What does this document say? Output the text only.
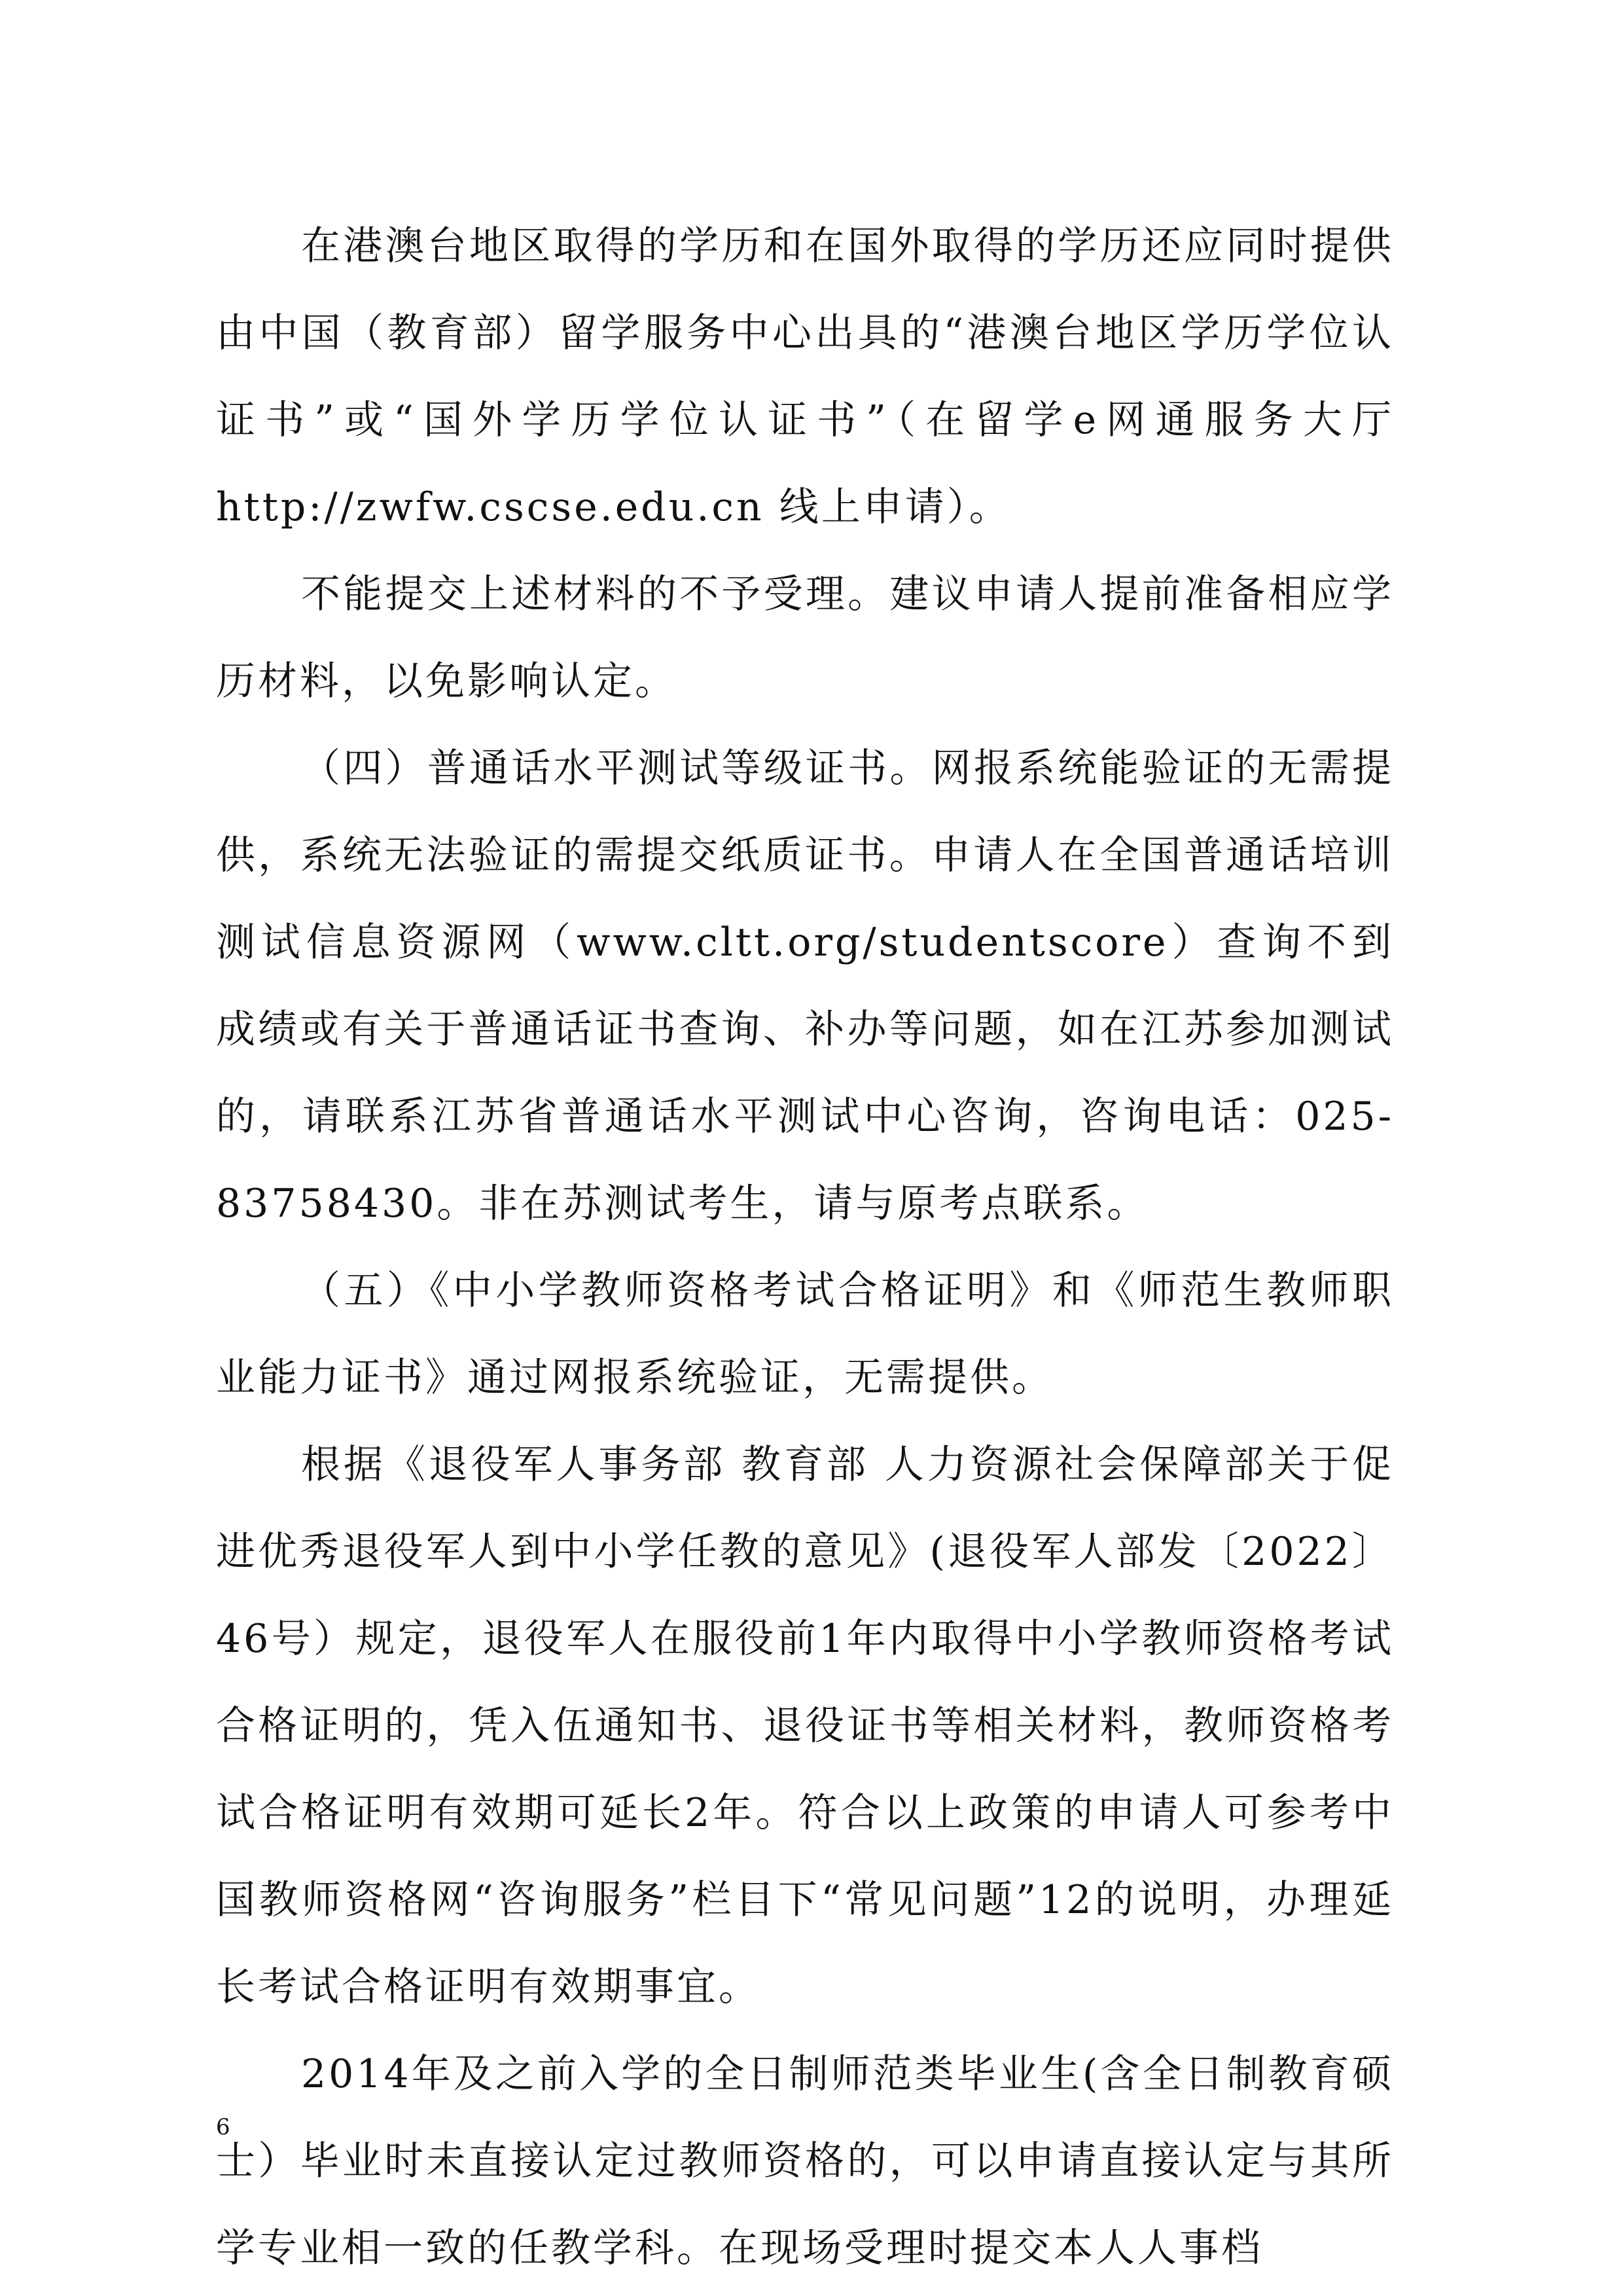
在港澳台地区取得的学历和在国外取得的学历还应同时提供由中国（教育部）留学服务中心出具的“港澳台地区学历学位认证书”或“国外学历学位认证书”（在留学e网通服务大厅 http://zwfw.cscse.edu.cn 线上申请）。

不能提交上述材料的不予受理。建议申请人提前准备相应学历材料，以免影响认定。

（四）普通话水平测试等级证书。网报系统能验证的无需提供，系统无法验证的需提交纸质证书。申请人在全国普通话培训测试信息资源网（www.cltt.org/studentscore）查询不到成绩或有关于普通话证书查询、补办等问题，如在江苏参加测试的，请联系江苏省普通话水平测试中心咨询，咨询电话：025-83758430。非在苏测试考生，请与原考点联系。

（五）《中小学教师资格考试合格证明》和《师范生教师职业能力证书》通过网报系统验证，无需提供。

根据《退役军人事务部 教育部 人力资源社会保障部关于促进优秀退役军人到中小学任教的意见》(退役军人部发〔2022〕46号）规定，退役军人在服役前1年内取得中小学教师资格考试合格证明的，凭入伍通知书、退役证书等相关材料，教师资格考试合格证明有效期可延长2年。符合以上政策的申请人可参考中国教师资格网“咨询服务”栏目下“常见问题”12的说明，办理延长考试合格证明有效期事宜。

2014年及之前入学的全日制师范类毕业生(含全日制教育硕士）毕业时未直接认定过教师资格的，可以申请直接认定与其所学专业相一致的任教学科。在现场受理时提交本人人事档

6
